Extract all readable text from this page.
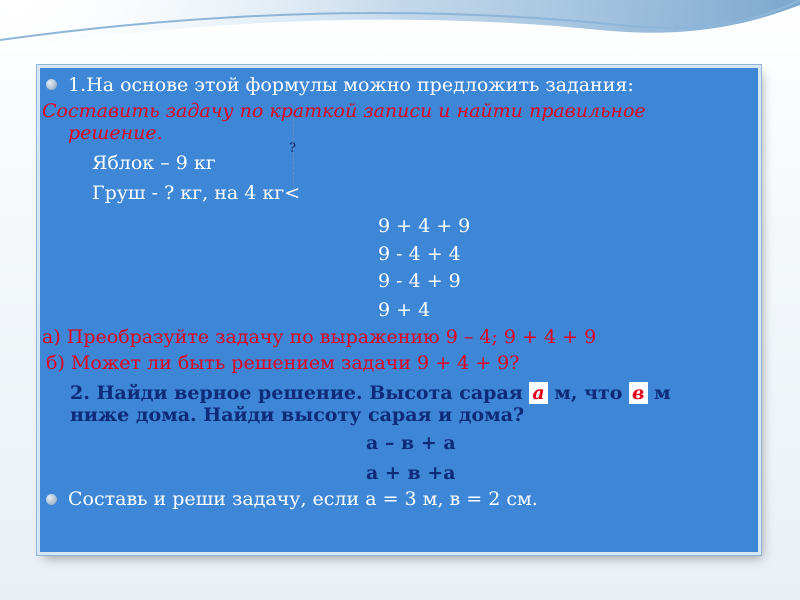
1.На основе этой формулы можно предложить задания:
Составить задачу по краткой записи и найти правильное
решение.
?
Яблок – 9 кг
Груш - ? кг, на 4 кг<
9 + 4 + 9
9 ‑ 4 + 4
9 ‑ 4 + 9
9 + 4
а) Преобразуйте задачу по выражению 9 – 4; 9 + 4 + 9
б) Может ли быть решением задачи 9 + 4 + 9?
2. Найди верное решение. Высота сарая а м, что в м
ниже дома. Найди высоту сарая и дома?
а – в + а
а + в +а
Составь и реши задачу, если а = 3 м, в = 2 см.
